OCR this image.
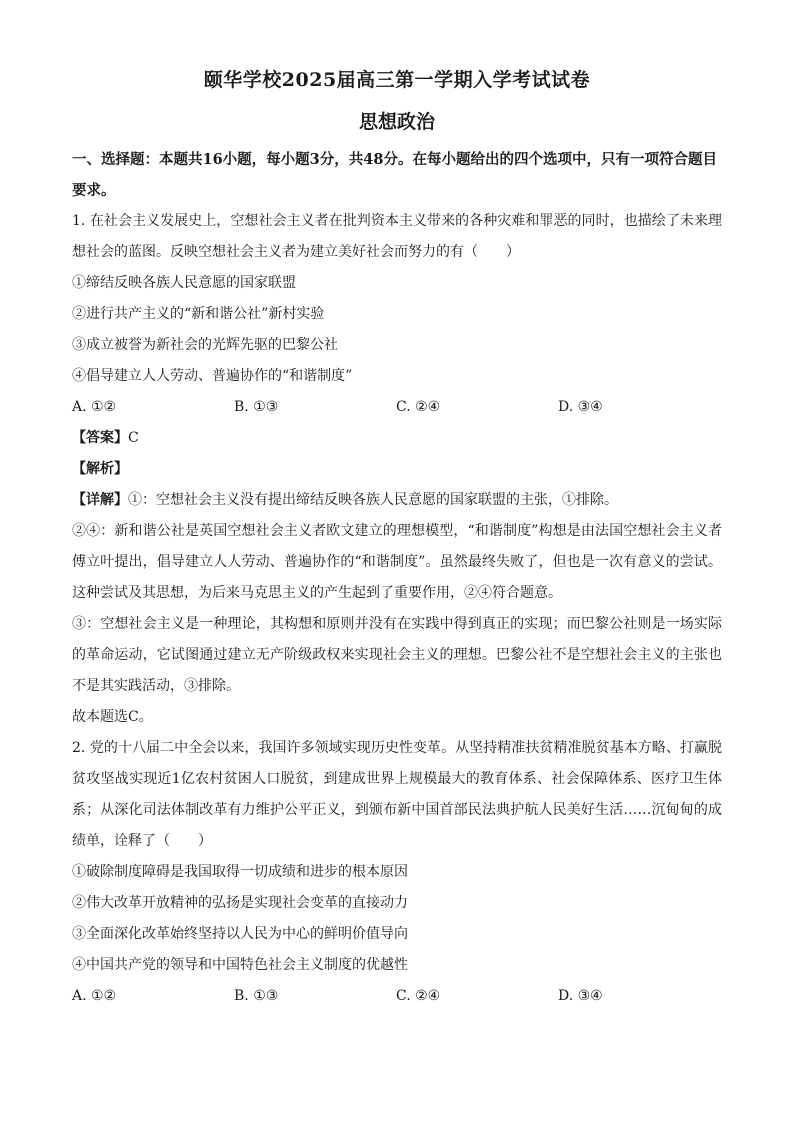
颐华学校2025届高三第一学期入学考试试卷
思想政治
一、选择题：本题共16小题，每小题3分，共48分。在每小题给出的四个选项中，只有一项符合题目要求。

1. 在社会主义发展史上，空想社会主义者在批判资本主义带来的各种灾难和罪恶的同时，也描绘了未来理想社会的蓝图。反映空想社会主义者为建立美好社会而努力的有（　　）

①缔结反映各族人民意愿的国家联盟

②进行共产主义的“新和谐公社”新村实验

③成立被誉为新社会的光辉先驱的巴黎公社

④倡导建立人人劳动、普遍协作的“和谐制度”

A. ①②	B. ①③	C. ②④	D. ③④

【答案】C

【解析】

【详解】①：空想社会主义没有提出缔结反映各族人民意愿的国家联盟的主张，①排除。

②④：新和谐公社是英国空想社会主义者欧文建立的理想模型，“和谐制度”构想是由法国空想社会主义者傅立叶提出，倡导建立人人劳动、普遍协作的“和谐制度”。虽然最终失败了，但也是一次有意义的尝试。这种尝试及其思想，为后来马克思主义的产生起到了重要作用，②④符合题意。

③：空想社会主义是一种理论，其构想和原则并没有在实践中得到真正的实现；而巴黎公社则是一场实际的革命运动，它试图通过建立无产阶级政权来实现社会主义的理想。巴黎公社不是空想社会主义的主张也不是其实践活动，③排除。

故本题选C。

2. 党的十八届二中全会以来，我国许多领域实现历史性变革。从坚持精准扶贫精准脱贫基本方略、打赢脱贫攻坚战实现近1亿农村贫困人口脱贫，到建成世界上规模最大的教育体系、社会保障体系、医疗卫生体系；从深化司法体制改革有力维护公平正义，到颁布新中国首部民法典护航人民美好生活……沉甸甸的成绩单，诠释了（　　）

①破除制度障碍是我国取得一切成绩和进步的根本原因

②伟大改革开放精神的弘扬是实现社会变革的直接动力

③全面深化改革始终坚持以人民为中心的鲜明价值导向

④中国共产党的领导和中国特色社会主义制度的优越性

A. ①②	B. ①③	C. ②④	D. ③④
